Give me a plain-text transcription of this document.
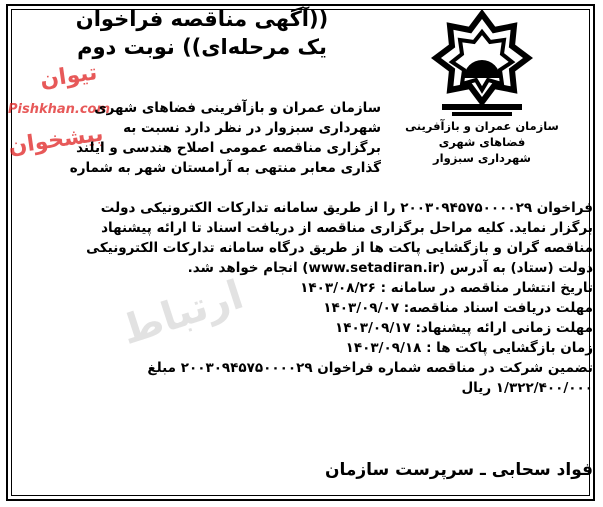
ارتباط
((آگهی مناقصه فراخوان
یک مرحله‌ای)) نوبت دوم
تیوان
Pishkhan.com
پیشخوان	سازمان عمران و بازآفرینی فضاهای شهری
شهرداری سبزوار
سازمان عمران و بازآفرینی فضاهای شهری
شهرداری سبزوار در نظر دارد نسبت به
برگزاری مناقصه عمومی اصلاح هندسی و ایلند
گذاری معابر منتهی به آرامستان شهر به شماره
فراخوان ۲۰۰۳۰۹۴۵۷۵۰۰۰۰۲۹ را از طریق سامانه تدارکات الکترونیکی دولت
برگزار نماید. کلیه مراحل برگزاری مناقصه از دریافت اسناد تا ارائه پیشنهاد
مناقصه گران و بازگشایی پاکت ها از طریق درگاه سامانه تدارکات الکترونیکی
دولت (ستاد) به آدرس (www.setadiran.ir) انجام خواهد شد.
تاریخ انتشار مناقصه در سامانه : ۱۴۰۳/۰۸/۲۶
مهلت دریافت اسناد مناقصه: ۱۴۰۳/۰۹/۰۷
مهلت زمانی ارائه پیشنهاد: ۱۴۰۳/۰۹/۱۷
زمان بازگشایی پاکت ها : ۱۴۰۳/۰۹/۱۸
تضمین شرکت در مناقصه شماره فراخوان ۲۰۰۳۰۹۴۵۷۵۰۰۰۰۲۹ مبلغ
۱/۳۲۲/۴۰۰/۰۰۰ ریال
فواد سحابی ـ سرپرست سازمان
